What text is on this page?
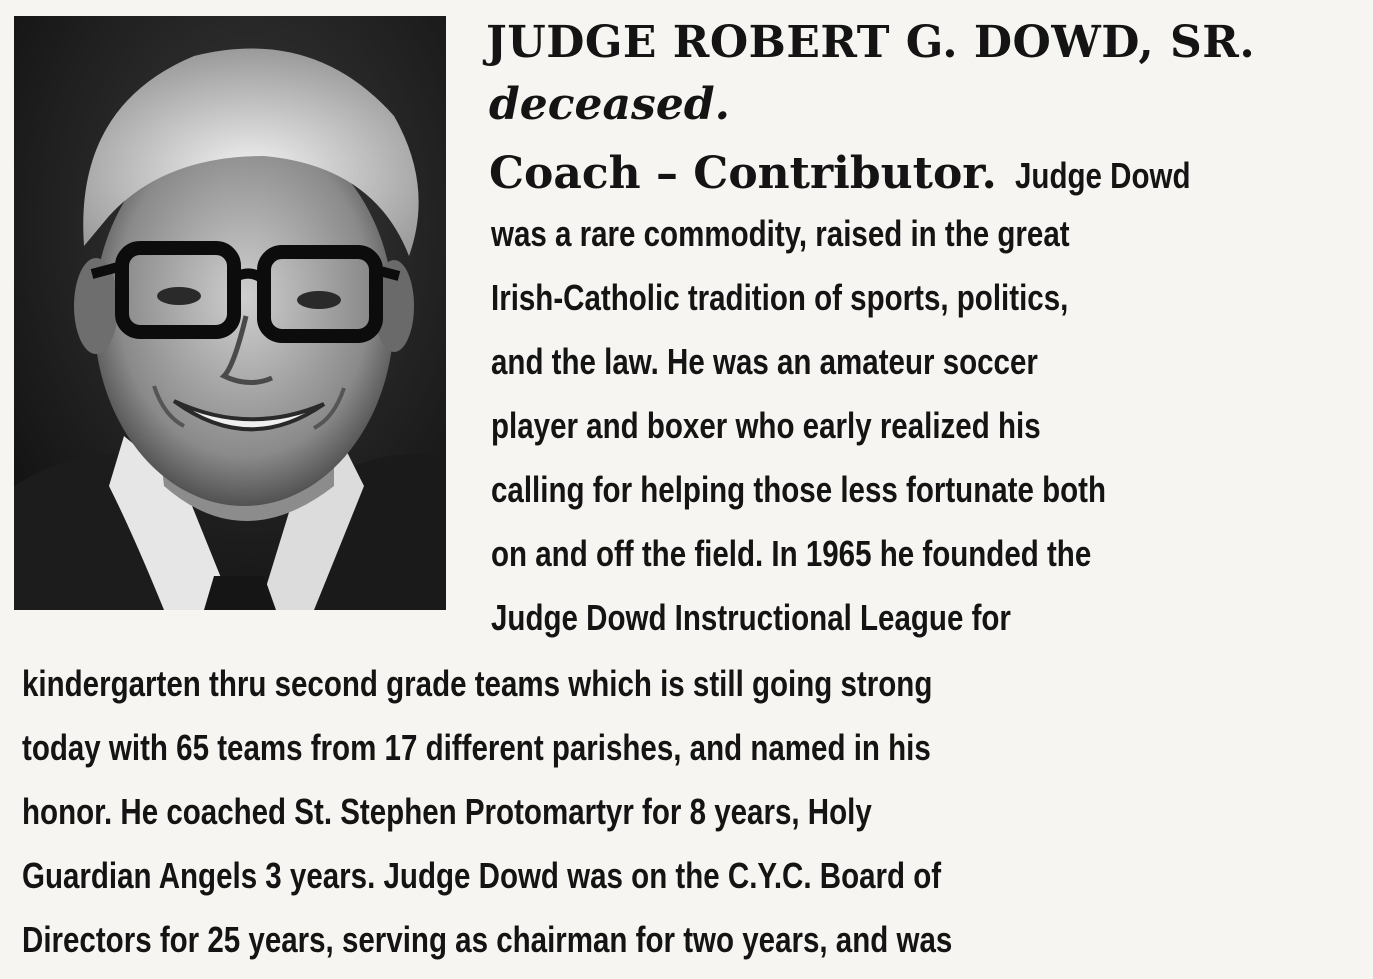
JUDGE ROBERT G. DOWD, SR.
deceased.
Coach – Contributor. Judge Dowd
was a rare commodity, raised in the great
Irish-Catholic tradition of sports, politics,
and the law. He was an amateur soccer
player and boxer who early realized his
calling for helping those less fortunate both
on and off the field. In 1965 he founded the
Judge Dowd Instructional League for
kindergarten thru second grade teams which is still going strong
today with 65 teams from 17 different parishes, and named in his
honor. He coached St. Stephen Protomartyr for 8 years, Holy
Guardian Angels 3 years. Judge Dowd was on the C.Y.C. Board of
Directors for 25 years, serving as chairman for two years, and was
